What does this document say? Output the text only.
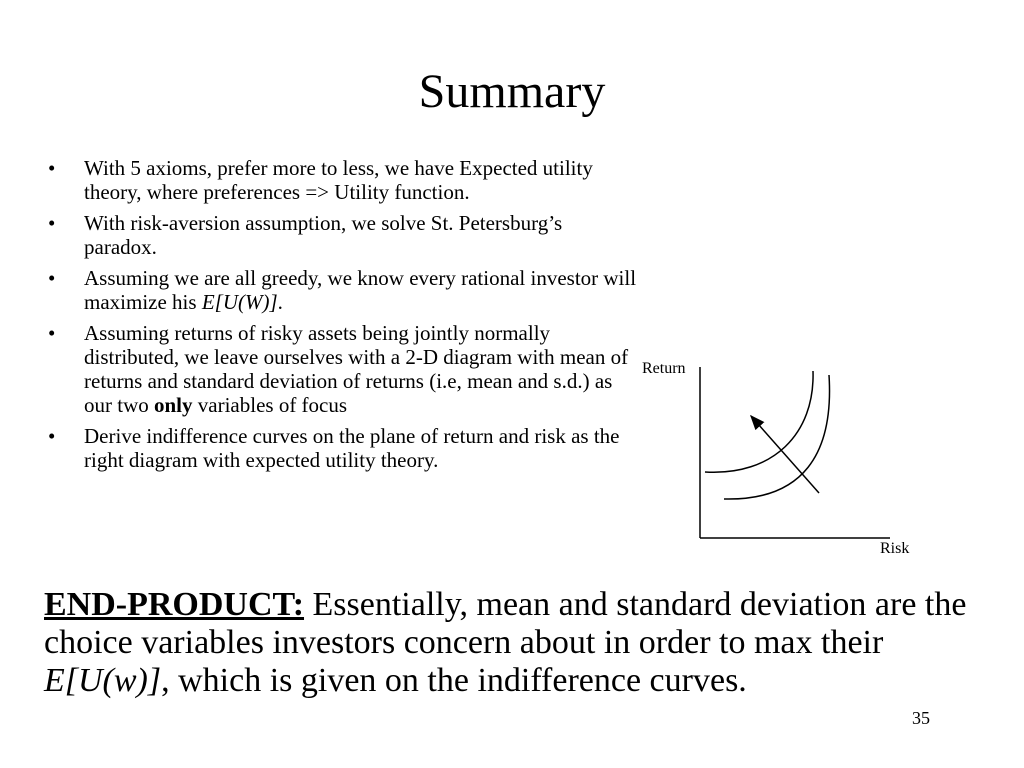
Summary
• With 5 axioms, prefer more to less, we have Expected utility theory, where preferences => Utility function.
• With risk-aversion assumption, we solve St. Petersburg’s paradox.
• Assuming we are all greedy, we know every rational investor will maximize his E[U(W)].
• Assuming returns of risky assets being jointly normally distributed, we leave ourselves with a 2-D diagram with mean of returns and standard deviation of returns (i.e, mean and s.d.) as our two only variables of focus
• Derive indifference curves on the plane of return and risk as the right diagram with expected utility theory.
Return
Risk
END-PRODUCT: Essentially, mean and standard deviation are the choice variables investors concern about in order to max their E[U(w)], which is given on the indifference curves.
35
